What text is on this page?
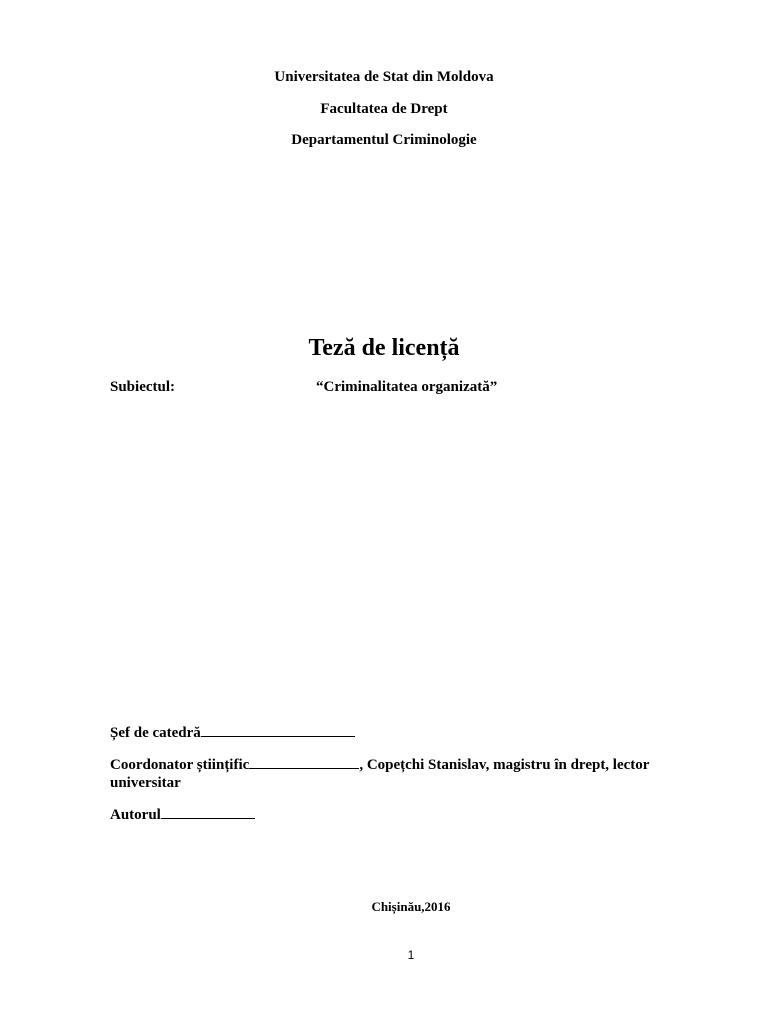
Universitatea de Stat din Moldova
Facultatea de Drept
Departamentul Criminologie
Teză de licență
Subiectul:	“Criminalitatea organizată”
Șef de catedră
Coordonator științific	, Copețchi Stanislav, magistru în drept, lector universitar
Autorul
Chișinău,2016
1
